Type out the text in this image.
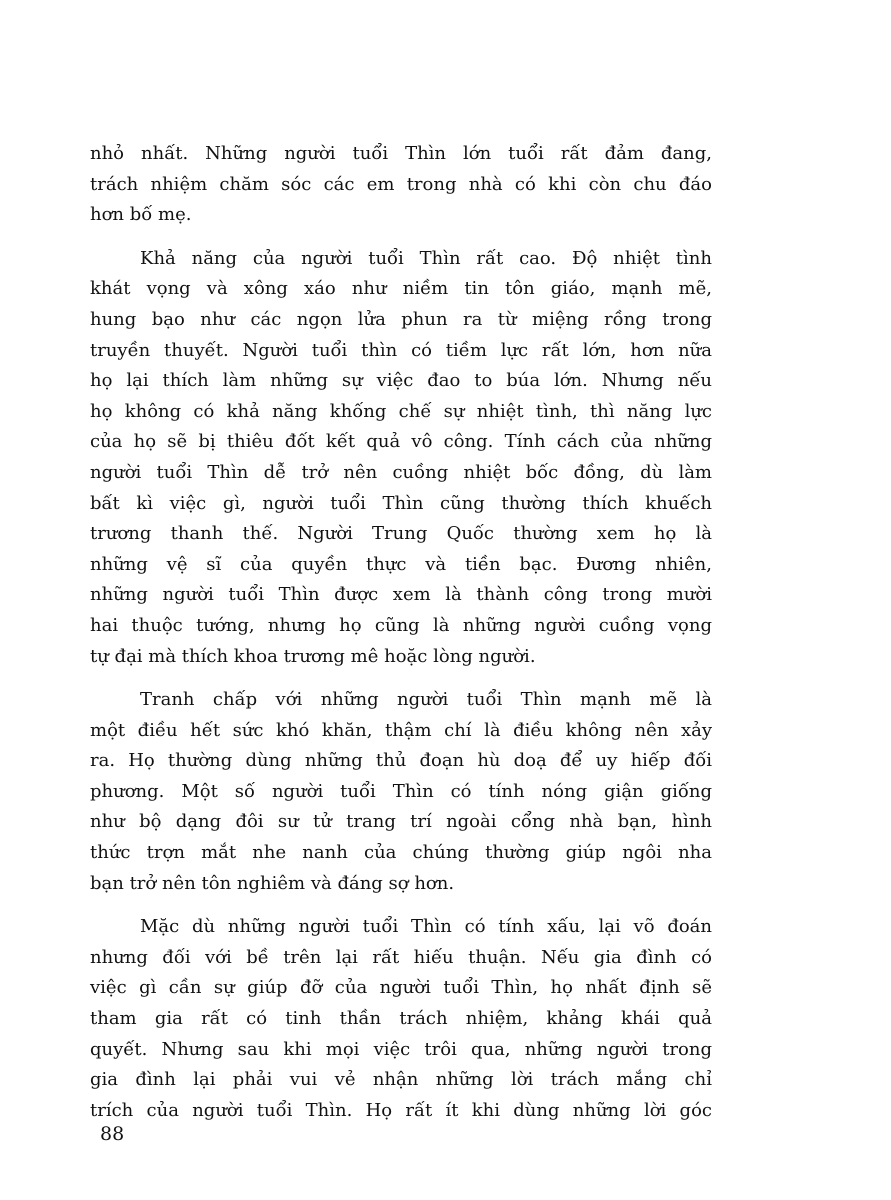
nhỏ nhất. Những người tuổi Thìn lớn tuổi rất đảm đang,
trách nhiệm chăm sóc các em trong nhà có khi còn chu đáo
hơn bố mẹ.

Khả năng của người tuổi Thìn rất cao. Độ nhiệt tình
khát vọng và xông xáo như niềm tin tôn giáo, mạnh mẽ,
hung bạo như các ngọn lửa phun ra từ miệng rồng trong
truyền thuyết. Người tuổi thìn có tiềm lực rất lớn, hơn nữa
họ lại thích làm những sự việc đao to búa lớn. Nhưng nếu
họ không có khả năng khống chế sự nhiệt tình, thì năng lực
của họ sẽ bị thiêu đốt kết quả vô công. Tính cách của những
người tuổi Thìn dễ trở nên cuồng nhiệt bốc đồng, dù làm
bất kì việc gì, người tuổi Thìn cũng thường thích khuếch
trương thanh thế. Người Trung Quốc thường xem họ là
những vệ sĩ của quyền thực và tiền bạc. Đương nhiên,
những người tuổi Thìn được xem là thành công trong mười
hai thuộc tướng, nhưng họ cũng là những người cuồng vọng
tự đại mà thích khoa trương mê hoặc lòng người.

Tranh chấp với những người tuổi Thìn mạnh mẽ là
một điều hết sức khó khăn, thậm chí là điều không nên xảy
ra. Họ thường dùng những thủ đoạn hù doạ để uy hiếp đối
phương. Một số người tuổi Thìn có tính nóng giận giống
như bộ dạng đôi sư tử trang trí ngoài cổng nhà bạn, hình
thức trợn mắt nhe nanh của chúng thường giúp ngôi nha
bạn trở nên tôn nghiêm và đáng sợ hơn.

Mặc dù những người tuổi Thìn có tính xấu, lại võ đoán
nhưng đối với bề trên lại rất hiếu thuận. Nếu gia đình có
việc gì cần sự giúp đỡ của người tuổi Thìn, họ nhất định sẽ
tham gia rất có tinh thần trách nhiệm, khảng khái quả
quyết. Nhưng sau khi mọi việc trôi qua, những người trong
gia đình lại phải vui vẻ nhận những lời trách mắng chỉ
trích của người tuổi Thìn. Họ rất ít khi dùng những lời góc

88
